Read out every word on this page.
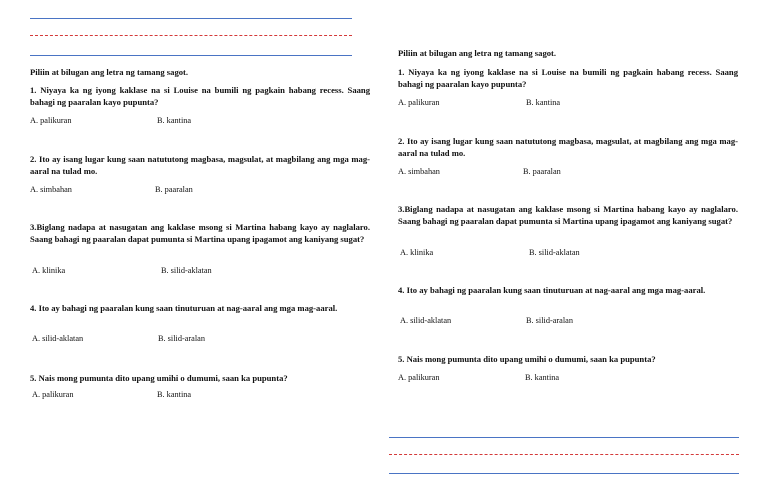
Piliin at bilugan ang letra ng tamang sagot.
1. Niyaya ka ng iyong kaklase na si Louise na bumili ng pagkain habang recess. Saang bahagi ng paaralan kayo pupunta?
A. palikuran	B. kantina
2. Ito ay isang lugar kung saan natututong magbasa, magsulat, at magbilang ang mga mag-aaral na tulad mo.
A. simbahan	B. paaralan
3.Biglang nadapa at nasugatan ang kaklase msong si Martina habang kayo ay naglalaro. Saang bahagi ng paaralan dapat pumunta si Martina upang ipagamot ang kaniyang sugat?
A. klinika	B. silid-aklatan
4. Ito ay bahagi ng paaralan kung saan tinuturuan at nag-aaral ang mga mag-aaral.
A. silid-aklatan	B. silid-aralan
5. Nais mong pumunta dito upang umihi o dumumi, saan ka pupunta?
A. palikuran	B. kantina
Piliin at bilugan ang letra ng tamang sagot.
1. Niyaya ka ng iyong kaklase na si Louise na bumili ng pagkain habang recess. Saang bahagi ng paaralan kayo pupunta?
A. palikuran	B. kantina
2. Ito ay isang lugar kung saan natututong magbasa, magsulat, at magbilang ang mga mag-aaral na tulad mo.
A. simbahan	B. paaralan
3.Biglang nadapa at nasugatan ang kaklase msong si Martina habang kayo ay naglalaro. Saang bahagi ng paaralan dapat pumunta si Martina upang ipagamot ang kaniyang sugat?
A. klinika	B. silid-aklatan
4. Ito ay bahagi ng paaralan kung saan tinuturuan at nag-aaral ang mga mag-aaral.
A. silid-aklatan	B. silid-aralan
5. Nais mong pumunta dito upang umihi o dumumi, saan ka pupunta?
A. palikuran	B. kantina
